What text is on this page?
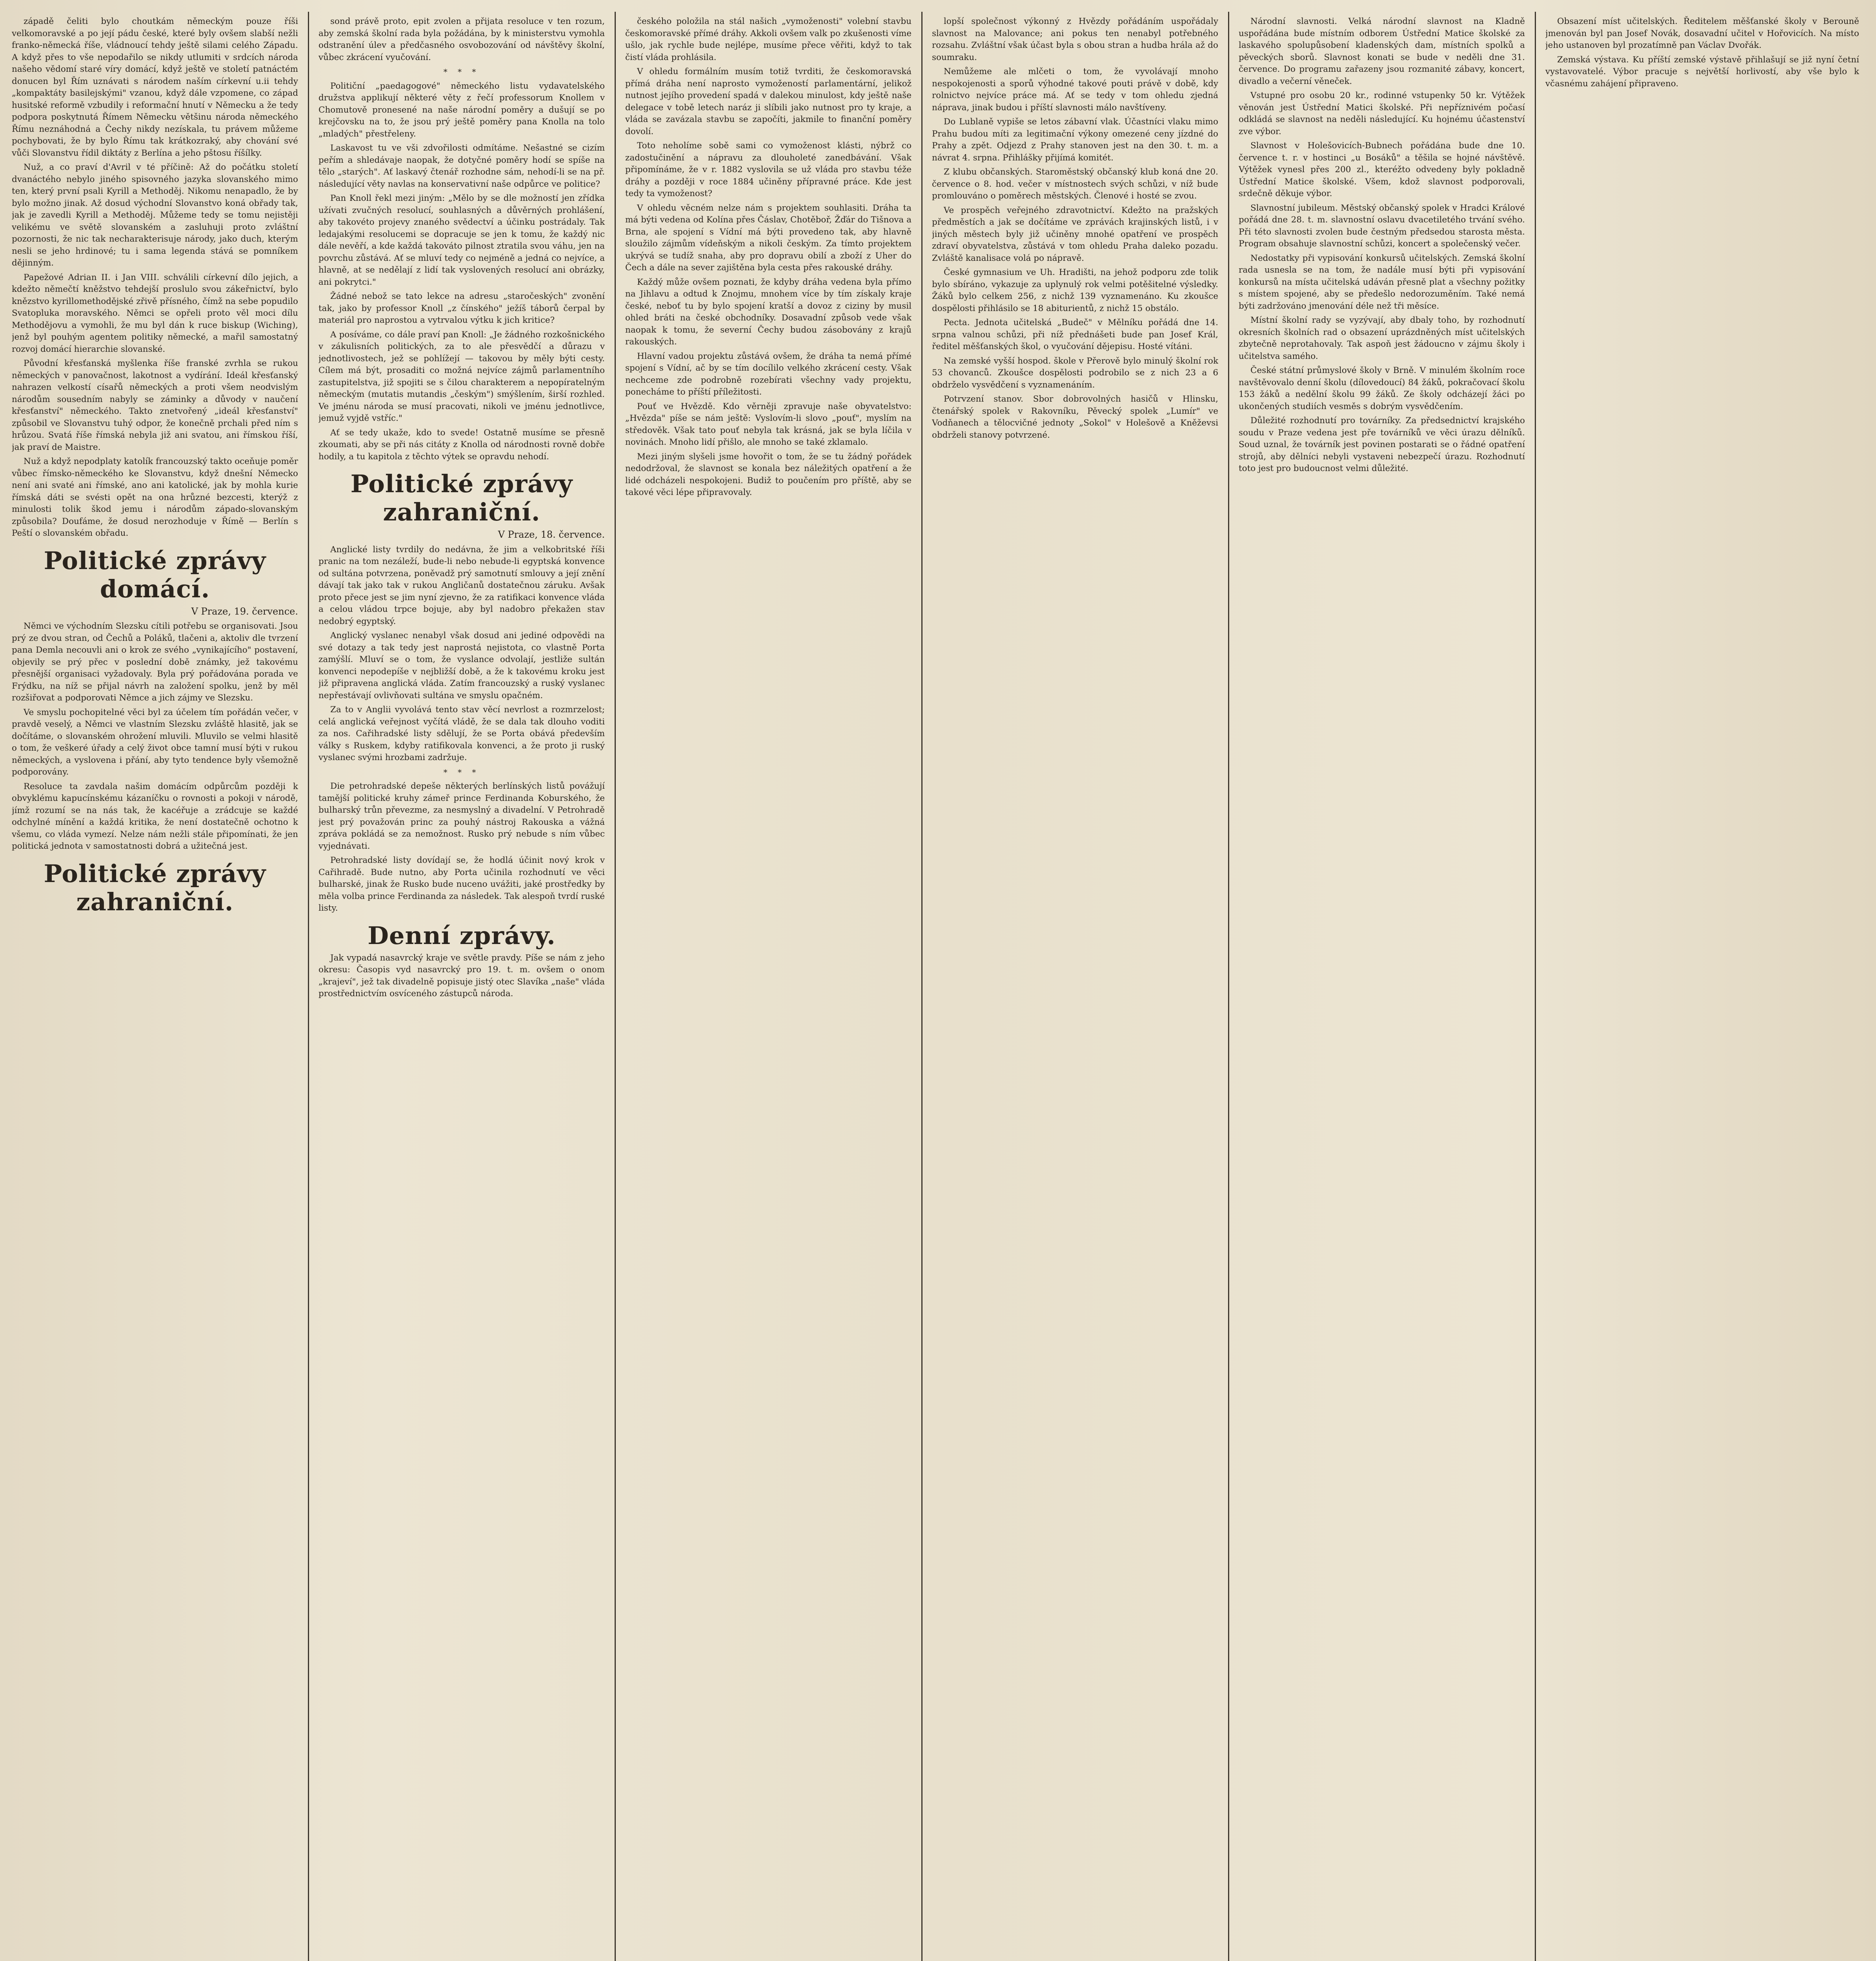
západě čeliti bylo choutkám německým pouze říši velkomoravské a po její pádu české, které byly ovšem slabší nežli franko-německá říše, vládnoucí tehdy ještě silami celého Západu. A když přes to vše nepodařilo se nikdy utlumiti v srdcích národa našeho vědomí staré víry domácí, když ještě ve století patnáctém donucen byl Řím uznávati s národem naším církevní u.ii tehdy „kompaktáty basilejskými" vzanou, když dále vzpomene, co západ husitské reformě vzbudily i reformační hnutí v Německu a že tedy podpora poskytnutá Římem Německu většinu národa německého Římu neznáhodná a Čechy nikdy nezískala, tu právem můžeme pochybovati, že by bylo Římu tak krátkozraký, aby chování své vůči Slovanstvu řídil diktáty z Berlína a jeho pštosu říšílky.

Nuž, a co praví d'Avril v té příčině: Až do počátku století dvanáctého nebylo jiného spisovného jazyka slovanského mimo ten, který první psali Kyrill a Methoděj. Nikomu nenapadlo, že by bylo možno jinak. Až dosud východní Slovanstvo koná obřady tak, jak je zavedli Kyrill a Methoděj. Můžeme tedy se tomu nejistěji velikému ve světě slovanském a zasluhuji proto zvláštní pozornosti, že nic tak necharakterisuje národy, jako duch, kterým nesli se jeho hrdinové; tu i sama legenda stává se pomníkem dějinným.

Papežové Adrian II. i Jan VIII. schválili církevní dílo jejich, a kdežto němečtí kněžstvo tehdejší proslulo svou zákeřnictví, bylo knězstvo kyrillomethodějské zřivě přísného, čímž na sebe popudilo Svatopluka moravského. Němci se opřeli proto věl moci dílu Methodějovu a vymohli, že mu byl dán k ruce biskup (Wiching), jenž byl pouhým agentem politiky německé, a mařil samostatný rozvoj domácí hierarchie slovanské.

Původní křesťanská myšlenka říše franské zvrhla se rukou německých v panovačnost, lakotnost a vydírání. Ideál křesťanský nahrazen velkostí císařů německých a proti všem neodvislým národům sousedním nabyly se záminky a důvody v naučení křesťanství" německého. Takto znetvořený „ideál křesťanství" způsobil ve Slovanstvu tuhý odpor, že konečně prchali před ním s hrůzou. Svatá říše římská nebyla již ani svatou, ani římskou říší, jak praví de Maistre.

Nuž a když nepodplaty katolík francouzský takto oceňuje poměr vůbec římsko-německého ke Slovanstvu, když dnešní Německo není ani svaté ani římské, ano ani katolické, jak by mohla kurie římská dáti se svésti opět na ona hrůzné bezcesti, kterýž z minulosti tolik škod jemu i národům západo-slovanským způsobila? Doufáme, že dosud nerozhoduje v Římě — Berlín s Peští o slovanském obřadu.

Politické zprávy domácí.
V Praze, 19. července.

Němci ve východním Slezsku cítili potřebu se organisovati. Jsou prý ze dvou stran, od Čechů a Poláků, tlačeni a, aktoliv dle tvrzení pana Demla necouvli ani o krok ze svého „vynikajícího" postavení, objevily se prý přec v poslední době známky, jež takovému přesnější organisaci vyžadovaly. Byla prý pořádována porada ve Frýdku, na níž se přijal návrh na založení spolku, jenž by měl rozšiřovat a podporovati Němce a jich zájmy ve Slezsku.

Ve smyslu pochopitelné věci byl za účelem tím pořádán večer, v pravdě veselý, a Němci ve vlastním Slezsku zvláště hlasitě, jak se dočítáme, o slovanském ohrožení mluvili. Mluvilo se velmi hlasitě o tom, že veškeré úřady a celý život obce tamní musí býti v rukou německých, a vyslovena i přání, aby tyto tendence byly všemožně podporovány.

Resoluce ta zavdala našim domácím odpůrcům později k obvyklému kapucínskému kázaníčku o rovnosti a pokoji v národě, jímž rozumí se na nás tak, že kacéřuje a zrádcuje se každé odchylné mínění a každá kritika, že není dostatečně ochotno k všemu, co vláda vymezí. Nelze nám nežli stále připomínati, že jen politická jednota v samostatnosti dobrá a užitečná jest.

Politické zprávy zahraniční.

sond právě proto, epit zvolen a přijata resoluce v ten rozum, aby zemská školní rada byla požádána, by k ministerstvu vymohla odstranění úlev a předčasného osvobozování od návštěvy školní, vůbec zkrácení vyučování.

* * *

Političní „paedagogové" německého listu vydavatelského družstva applikují některé věty z řečí professorum Knollem v Chomutově pronesené na naše národní poměry a dušují se po krejčovsku na to, že jsou prý ještě poměry pana Knolla na tolo „mladých" přestřeleny.

Laskavost tu ve vši zdvořilosti odmítáme. Nešastné se cizím peřím a shledávaje naopak, že dotyčné poměry hodí se spíše na tělo „starých". Ať laskavý čtenář rozhodne sám, nehodí-li se na př. následující věty navlas na konservativní naše odpůrce ve politice?

Pan Knoll řekl mezi jiným: „Mělo by se dle možností jen zřídka užívati zvučných resolucí, souhlasných a důvěrných prohlášení, aby takovéto projevy znaného svědectví a účinku postrádaly. Tak ledajakými resolucemi se dopracuje se jen k tomu, že každý nic dále nevěří, a kde každá takováto pilnost ztratila svou váhu, jen na povrchu zůstává. Ať se mluví tedy co nejméně a jedná co nejvíce, a hlavně, at se nedělají z lidí tak vyslovených resolucí ani obrázky, ani pokrytci."

Žádné nebož se tato lekce na adresu „staročeských" zvonění tak, jako by professor Knoll „z čínského" ježíš táborů čerpal by materiál pro naprostou a vytrvalou výtku k jich kritice?

A posíváme, co dále praví pan Knoll: „Je žádného rozkošnického v zákulisních politických, za to ale přesvědčí a důrazu v jednotlivostech, jež se pohlížejí — takovou by měly býti cesty. Cílem má být, prosaditi co možná nejvíce zájmů parlamentního zastupitelstva, již spojiti se s čilou charakterem a nepopíratelným německým (mutatis mutandis „českým") smýšlením, širší rozhled. Ve jménu národa se musí pracovati, nikoli ve jménu jednotlivce, jemuž vyjdě vstříc."

Ať se tedy ukaže, kdo to svede! Ostatně musíme se přesně zkoumati, aby se při nás citáty z Knolla od národnosti rovně dobře hodily, a tu kapitola z těchto výtek se opravdu nehodí.

Politické zprávy zahraniční.
V Praze, 18. července.

Anglické listy tvrdily do nedávna, že jim a velkobritské říši pranic na tom nezáleží, bude-li nebo nebude-li egyptská konvence od sultána potvrzena, poněvadž prý samotnutí smlouvy a její znění dávají tak jako tak v rukou Angličanů dostatečnou záruku. Avšak proto přece jest se jim nyní zjevno, že za ratifikaci konvence vláda a celou vládou trpce bojuje, aby byl nadobro překažen stav nedobrý egyptský.

Anglický vyslanec nenabyl však dosud ani jediné odpovědi na své dotazy a tak tedy jest naprostá nejistota, co vlastně Porta zamýšlí. Mluví se o tom, že vyslance odvolají, jestliže sultán konvenci nepodepíše v nejbližší době, a že k takovému kroku jest již připravena anglická vláda. Zatím francouzský a ruský vyslanec nepřestávají ovlivňovati sultána ve smyslu opačném.

Za to v Anglii vyvolává tento stav věcí nevrlost a rozmrzelost; celá anglická veřejnost vyčítá vládě, že se dala tak dlouho voditi za nos. Cařihradské listy sdělují, že se Porta obává především války s Ruskem, kdyby ratifikovala konvenci, a že proto ji ruský vyslanec svými hrozbami zadržuje.

* * *

Die petrohradské depeše některých berlínských listů povážují tamější politické kruhy zámeř prince Ferdinanda Koburského, že bulharský trůn převezme, za nesmyslný a divadelní. V Petrohradě jest prý považován princ za pouhý nástroj Rakouska a vážná zpráva pokládá se za nemožnost. Rusko prý nebude s ním vůbec vyjednávati.

Petrohradské listy dovídají se, že hodlá účinit nový krok v Cařihradě. Bude nutno, aby Porta učinila rozhodnutí ve věci bulharské, jinak že Rusko bude nuceno uvážiti, jaké prostředky by měla volba prince Ferdinanda za následek. Tak alespoň tvrdí ruské listy.

Denní zprávy.

Jak vypadá nasavrcký kraje ve světle pravdy. Píše se nám z jeho okresu: Časopis vyd nasavrcký pro 19. t. m. ovšem o onom „krajeví", jež tak divadelně popisuje jistý otec Slavíka „naše" vláda prostřednictvím osvíceného zástupců národa.

českého položila na stál našich „vymoženosti" volební stavbu českomoravské přímé dráhy. Akkoli ovšem valk po zkušenosti víme ušlo, jak rychle bude nejlépe, musíme přece věřiti, když to tak čistí vláda prohlásila.

V ohledu formálním musím totiž tvrditi, že českomoravská přímá dráha není naprosto vymožeností parlamentární, jelikož nutnost jejího provedení spadá v dalekou minulost, kdy ještě naše delegace v tobě letech naráz ji slíbili jako nutnost pro ty kraje, a vláda se zavázala stavbu se započíti, jakmile to finanční poměry dovolí.

Toto neholíme sobě sami co vymoženost klásti, nýbrž co zadostučinění a nápravu za dlouholeté zanedbávání. Však připomínáme, že v r. 1882 vyslovila se už vláda pro stavbu téže dráhy a později v roce 1884 učiněny přípravné práce. Kde jest tedy ta vymoženost?

V ohledu věcném nelze nám s projektem souhlasiti. Dráha ta má býti vedena od Kolína přes Čáslav, Chotěboř, Žďár do Tišnova a Brna, ale spojení s Vídní má býti provedeno tak, aby hlavně sloužilo zájmům vídeňským a nikoli českým. Za tímto projektem ukrývá se tudíž snaha, aby pro dopravu obilí a zboží z Uher do Čech a dále na sever zajištěna byla cesta přes rakouské dráhy.

Každý může ovšem poznati, že kdyby dráha vedena byla přímo na Jihlavu a odtud k Znojmu, mnohem více by tím získaly kraje české, neboť tu by bylo spojení kratší a dovoz z ciziny by musil ohled bráti na české obchodníky. Dosavadní způsob vede však naopak k tomu, že severní Čechy budou zásobovány z krajů rakouských.

Hlavní vadou projektu zůstává ovšem, že dráha ta nemá přímé spojení s Vídní, ač by se tím docílilo velkého zkrácení cesty. Však nechceme zde podrobně rozebírati všechny vady projektu, ponecháme to příští příležitosti.

Pouť ve Hvězdě. Kdo věrněji zpravuje naše obyvatelstvo: „Hvězda" píše se nám ještě: Vyslovím-li slovo „pouť", myslím na středověk. Však tato pouť nebyla tak krásná, jak se byla líčila v novinách. Mnoho lidí přišlo, ale mnoho se také zklamalo.

Mezi jiným slyšeli jsme hovořit o tom, že se tu žádný pořádek nedodržoval, že slavnost se konala bez náležitých opatření a že lidé odcházeli nespokojeni. Budiž to poučením pro příště, aby se takové věci lépe připravovaly.

lopší společnost výkonný z Hvězdy pořádáním uspořádaly slavnost na Malovance; ani pokus ten nenabyl potřebného rozsahu. Zvláštní však účast byla s obou stran a hudba hrála až do soumraku.

Nemůžeme ale mlčeti o tom, že vyvolávají mnoho nespokojenosti a sporů výhodné takové pouti právě v době, kdy rolnictvo nejvíce práce má. Ať se tedy v tom ohledu zjedná náprava, jinak budou i příští slavnosti málo navštíveny.

Do Lublaně vypiše se letos zábavní vlak. Účastníci vlaku mimo Prahu budou míti za legitimační výkony omezené ceny jízdné do Prahy a zpět. Odjezd z Prahy stanoven jest na den 30. t. m. a návrat 4. srpna. Přihlášky přijímá komitét.

Z klubu občanských. Staroměstský občanský klub koná dne 20. července o 8. hod. večer v místnostech svých schůzi, v níž bude promlouváno o poměrech městských. Členové i hosté se zvou.

Ve prospěch veřejného zdravotnictví. Kdežto na pražských předměstích a jak se dočítáme ve zprávách krajinských listů, i v jiných městech byly již učiněny mnohé opatření ve prospěch zdraví obyvatelstva, zůstává v tom ohledu Praha daleko pozadu. Zvláště kanalisace volá po nápravě.

České gymnasium ve Uh. Hradišti, na jehož podporu zde tolik bylo sbíráno, vykazuje za uplynulý rok velmi potěšitelné výsledky. Žáků bylo celkem 256, z nichž 139 vyznamenáno. Ku zkoušce dospělosti přihlásilo se 18 abiturientů, z nichž 15 obstálo.

Pecta. Jednota učitelská „Budeč" v Mělníku pořádá dne 14. srpna valnou schůzi, při níž přednášeti bude pan Josef Král, ředitel měšťanských škol, o vyučování dějepisu. Hosté vítáni.

Na zemské vyšší hospod. škole v Přerově bylo minulý školní rok 53 chovanců. Zkoušce dospělosti podrobilo se z nich 23 a 6 obdrželo vysvědčení s vyznamenáním.

Potrvzení stanov. Sbor dobrovolných hasičů v Hlinsku, čtenářský spolek v Rakovníku, Pěvecký spolek „Lumír" ve Vodňanech a tělocvičné jednoty „Sokol" v Holešově a Kněževsi obdrželi stanovy potvrzené.

Národní slavnosti. Velká národní slavnost na Kladně uspořádána bude místním odborem Ústřední Matice školské za laskavého spolupůsobení kladenských dam, místních spolků a pěveckých sborů. Slavnost konati se bude v neděli dne 31. července. Do programu zařazeny jsou rozmanité zábavy, koncert, divadlo a večerní věneček.

Vstupné pro osobu 20 kr., rodinné vstupenky 50 kr. Výtěžek věnován jest Ústřední Matici školské. Při nepříznivém počasí odkládá se slavnost na neděli následující. Ku hojnému účastenství zve výbor.

Slavnost v Holešovicích-Bubnech pořádána bude dne 10. července t. r. v hostinci „u Bosáků" a těšila se hojné návštěvě. Výtěžek vynesl přes 200 zl., kteréžto odvedeny byly pokladně Ústřední Matice školské. Všem, kdož slavnost podporovali, srdečně děkuje výbor.

Slavnostní jubileum. Městský občanský spolek v Hradci Králové pořádá dne 28. t. m. slavnostní oslavu dvacetiletého trvání svého. Při této slavnosti zvolen bude čestným předsedou starosta města. Program obsahuje slavnostní schůzi, koncert a společenský večer.

Nedostatky při vypisování konkursů učitelských. Zemská školní rada usnesla se na tom, že nadále musí býti při vypisování konkursů na místa učitelská udáván přesně plat a všechny požitky s místem spojené, aby se předešlo nedorozuměním. Také nemá býti zadržováno jmenování déle než tři měsíce.

Místní školní rady se vyzývají, aby dbaly toho, by rozhodnutí okresních školních rad o obsazení uprázdněných míst učitelských zbytečně neprotahovaly. Tak aspoň jest žádoucno v zájmu školy i učitelstva samého.

České státní průmyslové školy v Brně. V minulém školním roce navštěvovalo denní školu (dílovedoucí) 84 žáků, pokračovací školu 153 žáků a nedělní školu 99 žáků. Ze školy odcházejí žáci po ukončených studiích vesměs s dobrým vysvědčením.

Důležité rozhodnutí pro továrníky. Za předsednictví krajského soudu v Praze vedena jest pře továrníků ve věci úrazu dělníků. Soud uznal, že továrník jest povinen postarati se o řádné opatření strojů, aby dělníci nebyli vystaveni nebezpečí úrazu. Rozhodnutí toto jest pro budoucnost velmi důležité.

Obsazení míst učitelských. Ředitelem měšťanské školy v Berouně jmenován byl pan Josef Novák, dosavadní učitel v Hořovicích. Na místo jeho ustanoven byl prozatímně pan Václav Dvořák.

Zemská výstava. Ku příští zemské výstavě přihlašují se již nyní četní vystavovatelé. Výbor pracuje s největší horlivostí, aby vše bylo k včasnému zahájení připraveno.
